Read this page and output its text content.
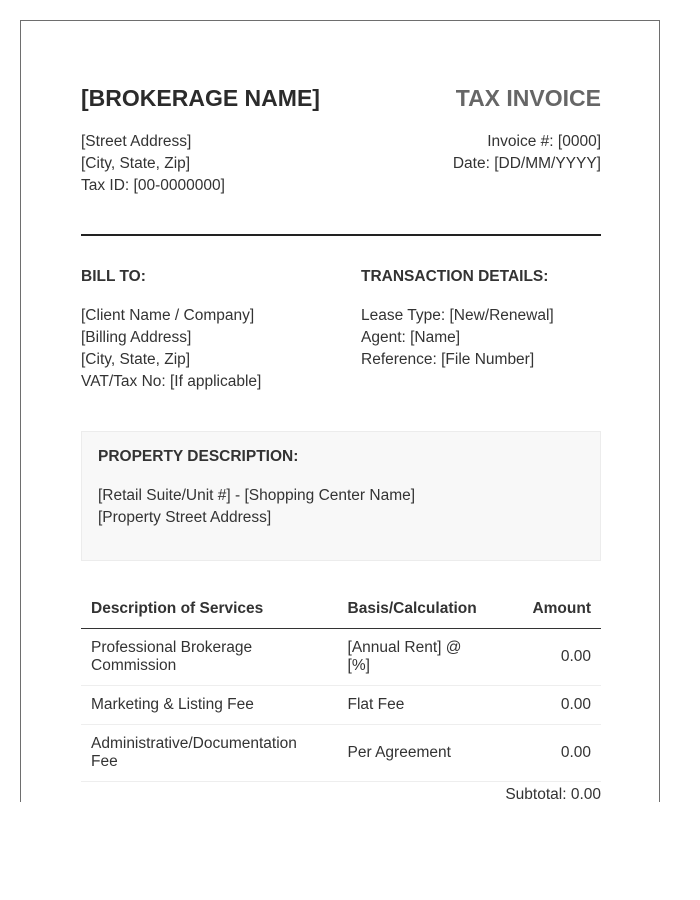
[BROKERAGE NAME]	TAX INVOICE
[Street Address]
[City, State, Zip]
Tax ID: [00-0000000]
Invoice #: [0000]
Date: [DD/MM/YYYY]
BILL TO:
[Client Name / Company]
[Billing Address]
[City, State, Zip]
VAT/Tax No: [If applicable]
TRANSACTION DETAILS:
Lease Type: [New/Renewal]
Agent: [Name]
Reference: [File Number]
PROPERTY DESCRIPTION:
[Retail Suite/Unit #] - [Shopping Center Name]
[Property Street Address]
Description of Services	Basis/Calculation	Amount
Professional Brokerage Commission	[Annual Rent] @ [%]	0.00
Marketing & Listing Fee	Flat Fee	0.00
Administrative/Documentation Fee	Per Agreement	0.00
Subtotal: 0.00
